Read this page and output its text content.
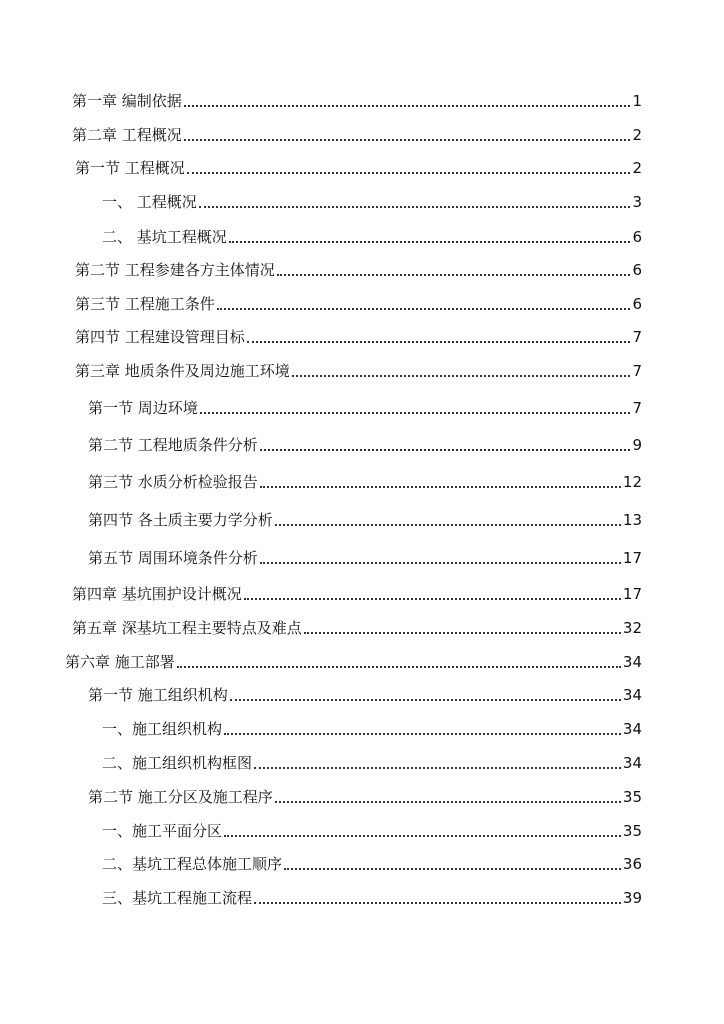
第一章 编制依据	1
第二章 工程概况	2
第一节 工程概况	2
一、 工程概况	3
二、 基坑工程概况	6
第二节 工程参建各方主体情况	6
第三节 工程施工条件	6
第四节 工程建设管理目标	7
第三章 地质条件及周边施工环境	7
第一节 周边环境	7
第二节 工程地质条件分析	9
第三节 水质分析检验报告	12
第四节 各土质主要力学分析	13
第五节 周围环境条件分析	17
第四章 基坑围护设计概况	17
第五章 深基坑工程主要特点及难点	32
第六章 施工部署	34
第一节 施工组织机构	34
一、施工组织机构	34
二、施工组织机构框图	34
第二节 施工分区及施工程序	35
一、施工平面分区	35
二、基坑工程总体施工顺序	36
三、基坑工程施工流程	39
